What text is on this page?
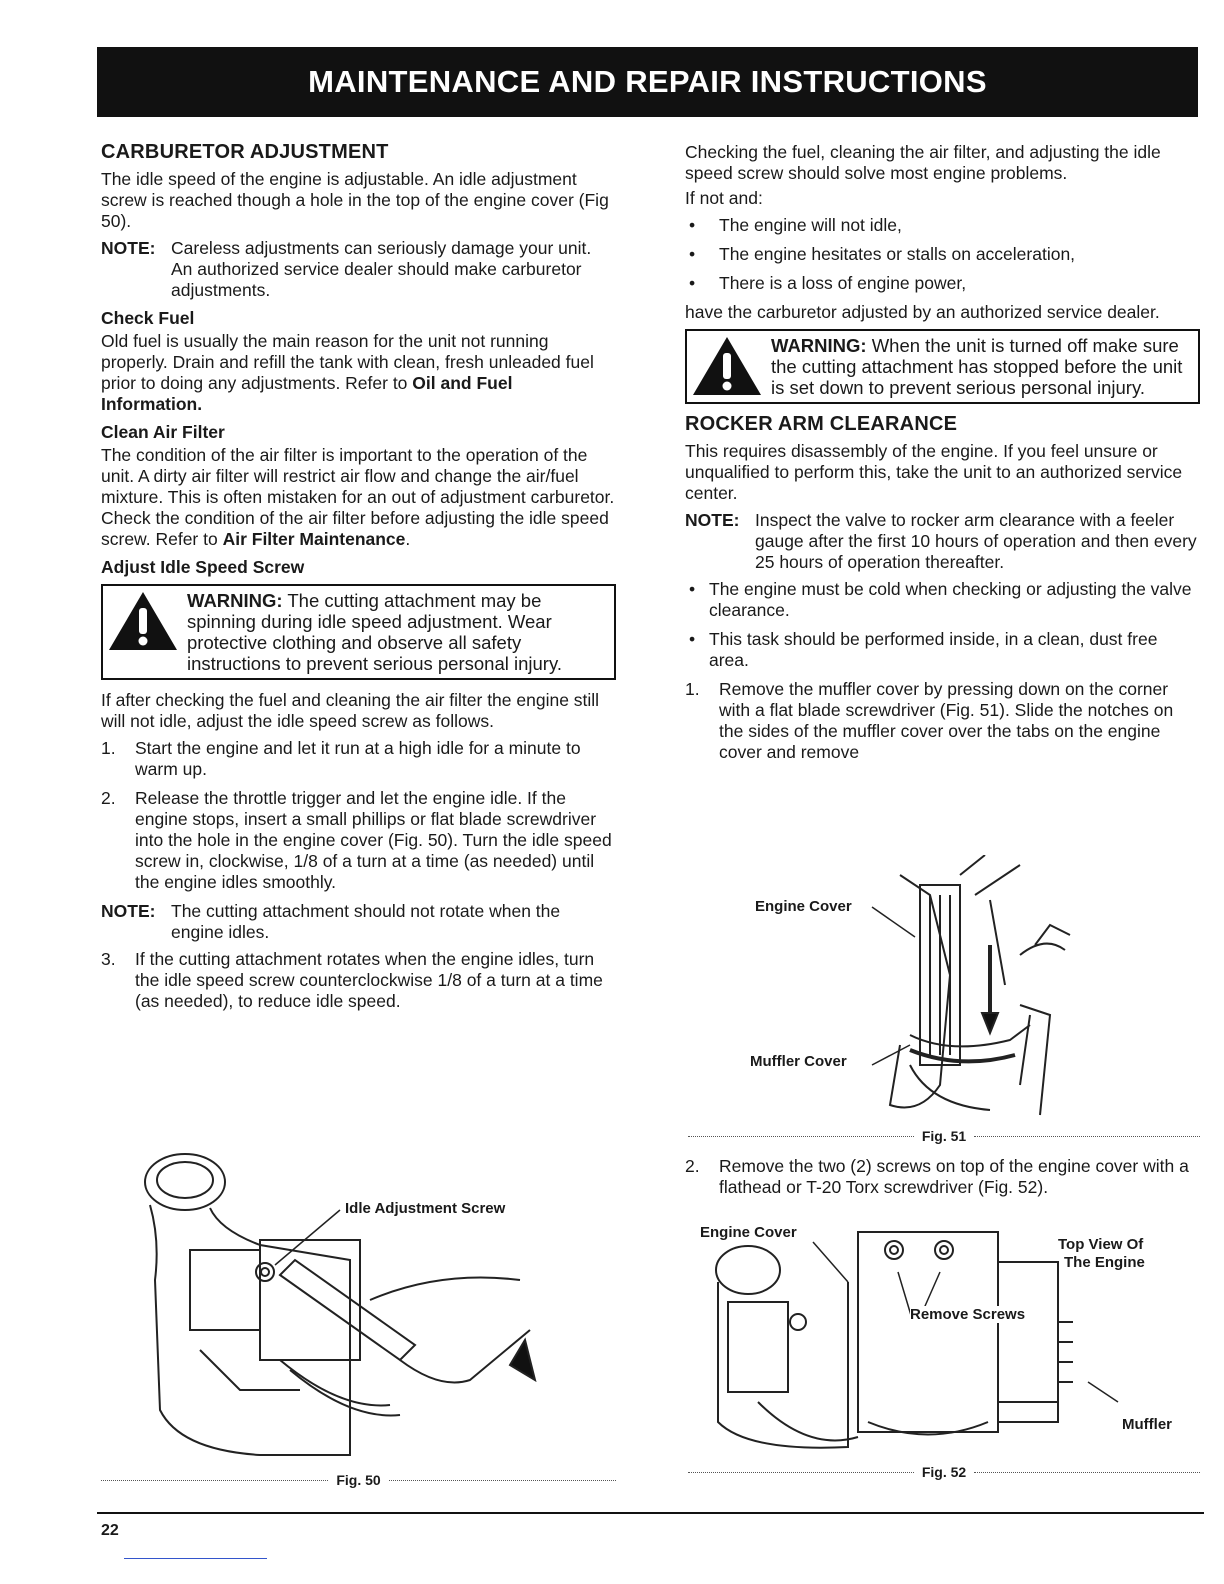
MAINTENANCE AND REPAIR INSTRUCTIONS
CARBURETOR ADJUSTMENT

The idle speed of the engine is adjustable. An idle adjustment screw is reached though a hole in the top of the engine cover (Fig 50).

NOTE: Careless adjustments can seriously damage your unit. An authorized service dealer should make carburetor adjustments.
Check Fuel

Old fuel is usually the main reason for the unit not running properly. Drain and refill the tank with clean, fresh unleaded fuel prior to doing any adjustments. Refer to Oil and Fuel Information.

Clean Air Filter

The condition of the air filter is important to the operation of the unit. A dirty air filter will restrict air flow and change the air/fuel mixture. This is often mistaken for an out of adjustment carburetor. Check the condition of the air filter before adjusting the idle speed screw. Refer to Air Filter Maintenance.

Adjust Idle Speed Screw
WARNING: The cutting attachment may be spinning during idle speed adjustment. Wear protective clothing and observe all safety instructions to prevent serious personal injury.

If after checking the fuel and cleaning the air filter the engine still will not idle, adjust the idle speed screw as follows.

1.	Start the engine and let it run at a high idle for a minute to warm up.
2.	Release the throttle trigger and let the engine idle. If the engine stops, insert a small phillips or flat blade screwdriver into the hole in the engine cover (Fig. 50). Turn the idle speed screw in, clockwise, 1/8 of a turn at a time (as needed) until the engine idles smoothly.
NOTE: The cutting attachment should not rotate when the engine idles.
3.	If the cutting attachment rotates when the engine idles, turn the idle speed screw counterclockwise 1/8 of a turn at a time (as needed), to reduce idle speed.
Idle Adjustment Screw
Fig. 50

Checking the fuel, cleaning the air filter, and adjusting the idle speed screw should solve most engine problems.

If not and:

•	The engine will not idle,
•	The engine hesitates or stalls on acceleration,
•	There is a loss of engine power,

have the carburetor adjusted by an authorized service dealer.

WARNING: When the unit is turned off make sure the cutting attachment has stopped before the unit is set down to prevent serious personal injury.
ROCKER ARM CLEARANCE

This requires disassembly of the engine. If you feel unsure or unqualified to perform this, take the unit to an authorized service center.

NOTE: Inspect the valve to rocker arm clearance with a feeler gauge after the first 10 hours of operation and then every 25 hours of operation thereafter.
• The engine must be cold when checking or adjusting the valve clearance.
• This task should be performed inside, in a clean, dust free area.
1.	Remove the muffler cover by pressing down on the corner with a flat blade screwdriver (Fig. 51). Slide the notches on the sides of the muffler cover over the tabs on the engine cover and remove
Engine Cover
Muffler Cover
Fig. 51
2.	Remove the two (2) screws on top of the engine cover with a flathead or T-20 Torx screwdriver (Fig. 52).
Engine Cover
Top View Of
The Engine
Remove Screws
Muffler
Fig. 52
22
